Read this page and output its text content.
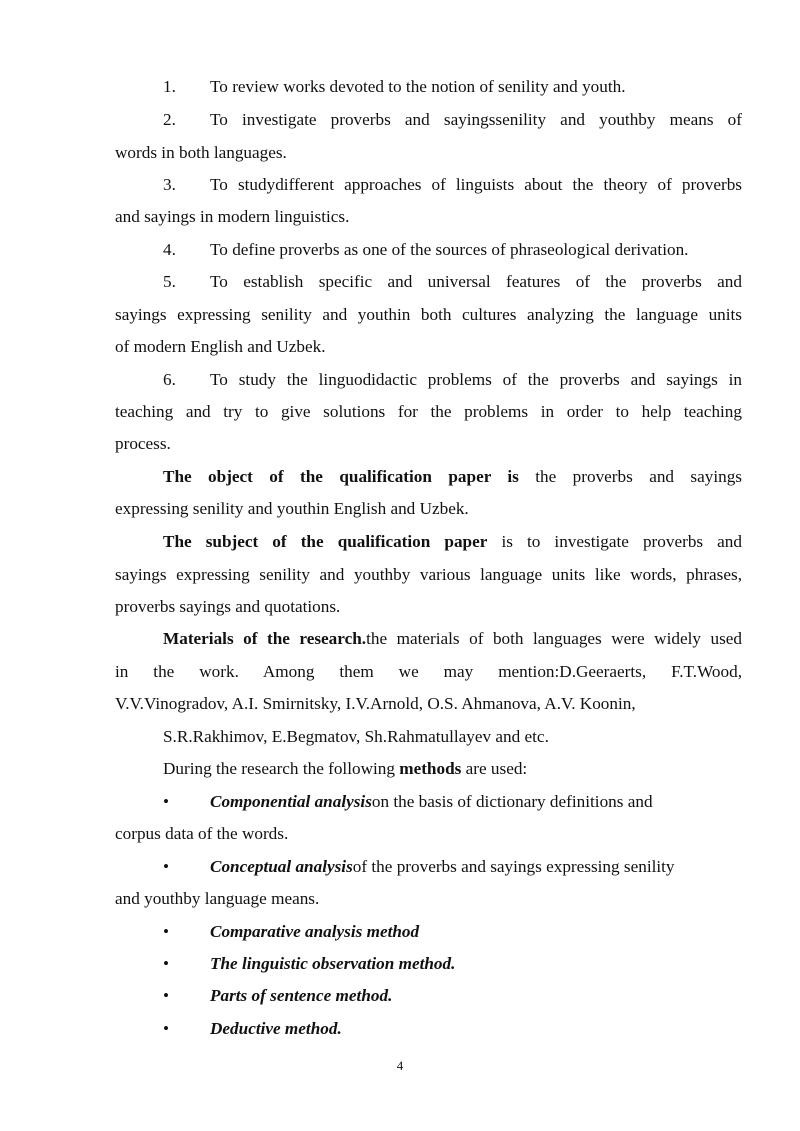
1. To review works devoted to the notion of senility and youth.
2. To investigate proverbs and sayingssenility and youthby means of
words in both languages.
3. To studydifferent approaches of linguists about the theory of proverbs
and sayings in modern linguistics.
4. To define proverbs as one of the sources of phraseological derivation.
5. To establish specific and universal features of the proverbs and
sayings expressing senility and youthin both cultures analyzing the language units
of modern English and Uzbek.
6. To study the linguodidactic problems of the proverbs and sayings in
teaching and try to give solutions for the problems in order to help teaching
process.
The object of the qualification paper is the proverbs and sayings
expressing senility and youthin English and Uzbek.
The subject of the qualification paper is to investigate proverbs and
sayings expressing senility and youthby various language units like words, phrases,
proverbs sayings and quotations.
Materials of the research.the materials of both languages were widely used
in the work. Among them we may mention:D.Geeraerts, F.T.Wood,
V.V.Vinogradov, A.I. Smirnitsky, I.V.Arnold, O.S. Ahmanova, A.V. Koonin,
S.R.Rakhimov, E.Begmatov, Sh.Rahmatullayev and etc.
During the research the following methods are used:
• Componential analysison the basis of dictionary definitions and
corpus data of the words.
• Conceptual analysisof the proverbs and sayings expressing senility
and youthby language means.
• Comparative analysis method
• The linguistic observation method.
• Parts of sentence method.
• Deductive method.
4
